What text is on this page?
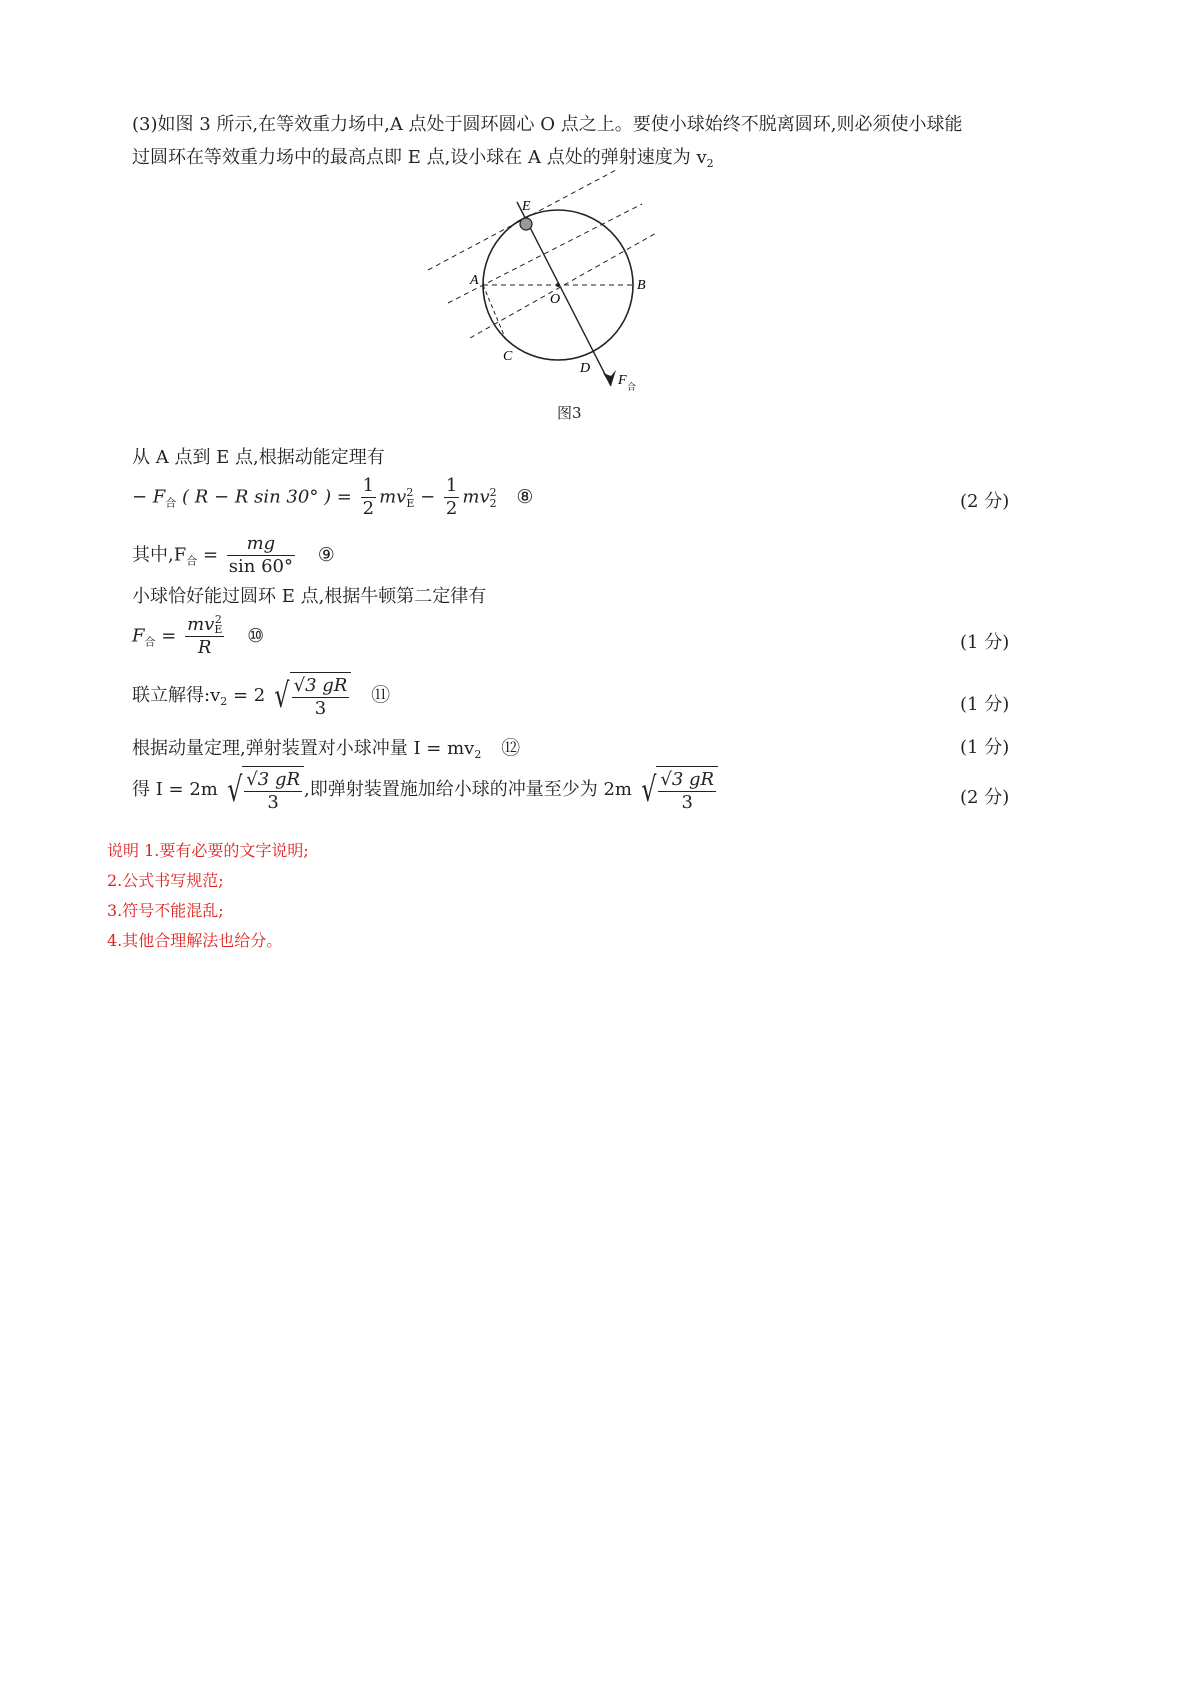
(3)如图 3 所示,在等效重力场中,A 点处于圆环圆心 O 点之上。要使小球始终不脱离圆环,则必须使小球能
过圆环在等效重力场中的最高点即 E 点,设小球在 A 点处的弹射速度为 $v_2$
E
A
O
B
C
D
F 合
图3
从 A 点到 E 点,根据动能定理有
− $F_合$ ( R − R sin 30° ) = $\frac{1}{2}$ mv 2
$E - \frac{1}{2}$ mv 2
2 ⑧	(2 分)
其中$,F_合 = \frac{mg}{\sin 60^\circ}$ ⑨
小球恰好能过圆环 E 点,根据牛顿第二定律有
$F_合$ = mv 2
E
R ⑩	(1 分)
联立解得$:v_2 = 2$ √ $\frac{√3 gR}{3}$ ⑪	(1 分)
根据动量定理,弹射装置对小球冲量 $I = mv_2$ ⑫	(1 分)
得 I = 2m √ $\frac{√3 gR}{3}$ ,即弹射装置施加给小球的冲量至少为 2m √ $\frac{√3 gR}{3}$	(2 分)
说明 1.要有必要的文字说明;
2.公式书写规范;
3.符号不能混乱;
4.其他合理解法也给分。
